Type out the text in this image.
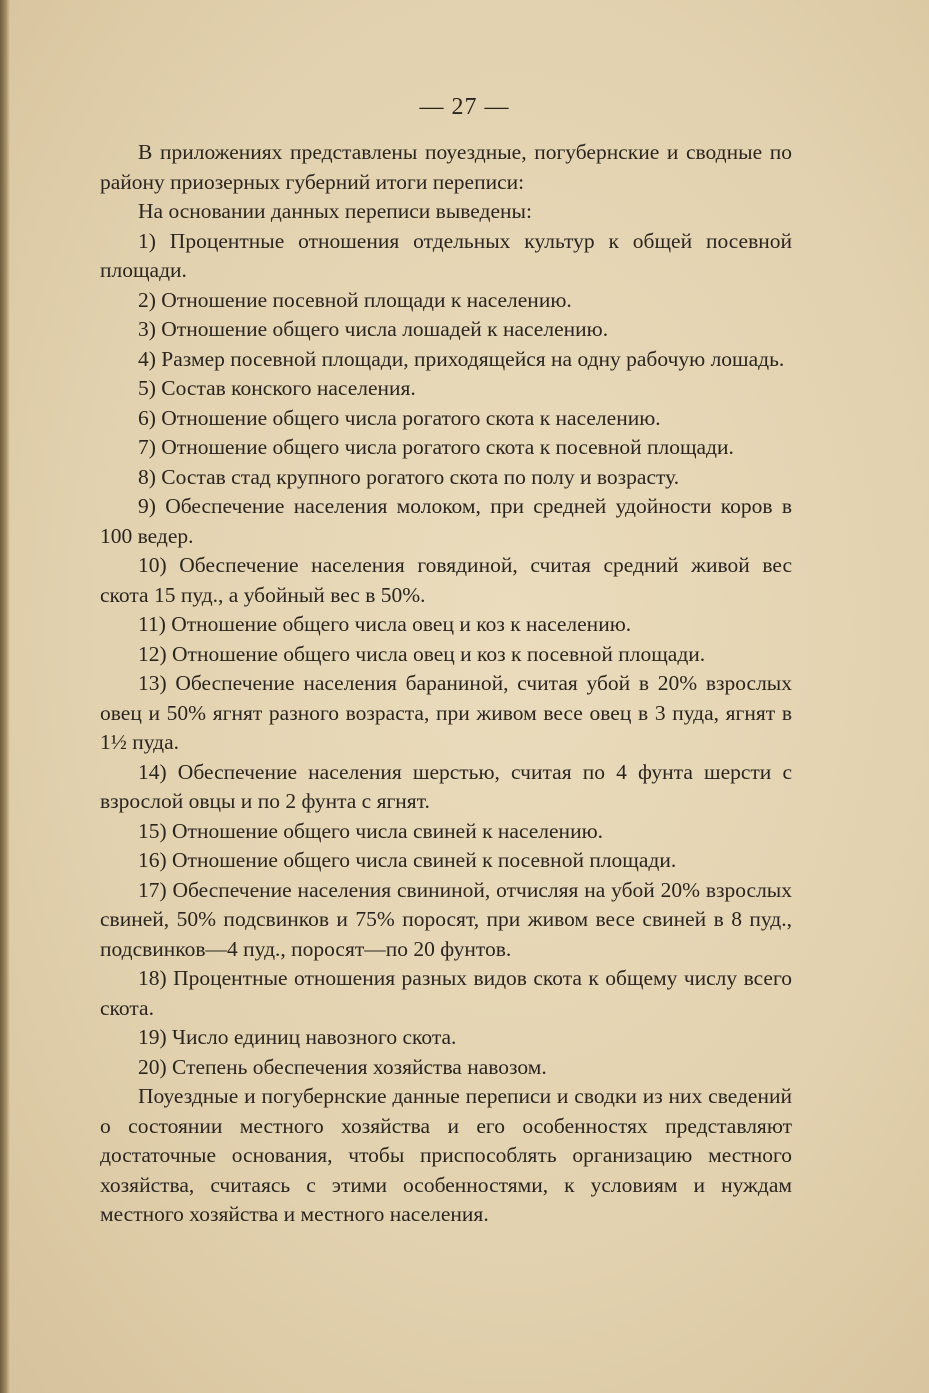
— 27 —

В приложениях представлены поуездные, погубернские и сводные по району приозерных губерний итоги переписи:

На основании данных переписи выведены:

1) Процентные отношения отдельных культур к общей посевной площади.

2) Отношение посевной площади к населению.

3) Отношение общего числа лошадей к населению.

4) Размер посевной площади, приходящейся на одну рабочую лошадь.

5) Состав конского населения.

6) Отношение общего числа рогатого скота к населению.

7) Отношение общего числа рогатого скота к посевной площади.

8) Состав стад крупного рогатого скота по полу и возрасту.

9) Обеспечение населения молоком, при средней удойности коров в 100 ведер.

10) Обеспечение населения говядиной, считая средний живой вес скота 15 пуд., а убойный вес в 50%.

11) Отношение общего числа овец и коз к населению.

12) Отношение общего числа овец и коз к посевной площади.

13) Обеспечение населения бараниной, считая убой в 20% взрослых овец и 50% ягнят разного возраста, при живом весе овец в 3 пуда, ягнят в 1½ пуда.

14) Обеспечение населения шерстью, считая по 4 фунта шерсти с взрослой овцы и по 2 фунта с ягнят.

15) Отношение общего числа свиней к населению.

16) Отношение общего числа свиней к посевной площади.

17) Обеспечение населения свининой, отчисляя на убой 20% взрослых свиней, 50% подсвинков и 75% поросят, при живом весе свиней в 8 пуд., подсвинков—4 пуд., поросят—по 20 фунтов.

18) Процентные отношения разных видов скота к общему числу всего скота.

19) Число единиц навозного скота.

20) Степень обеспечения хозяйства навозом.

Поуездные и погубернские данные переписи и сводки из них сведений о состоянии местного хозяйства и его особенностях представляют достаточные основания, чтобы приспособлять организацию местного хозяйства, считаясь с этими особенностями, к условиям и нуждам местного хозяйства и местного населения.
